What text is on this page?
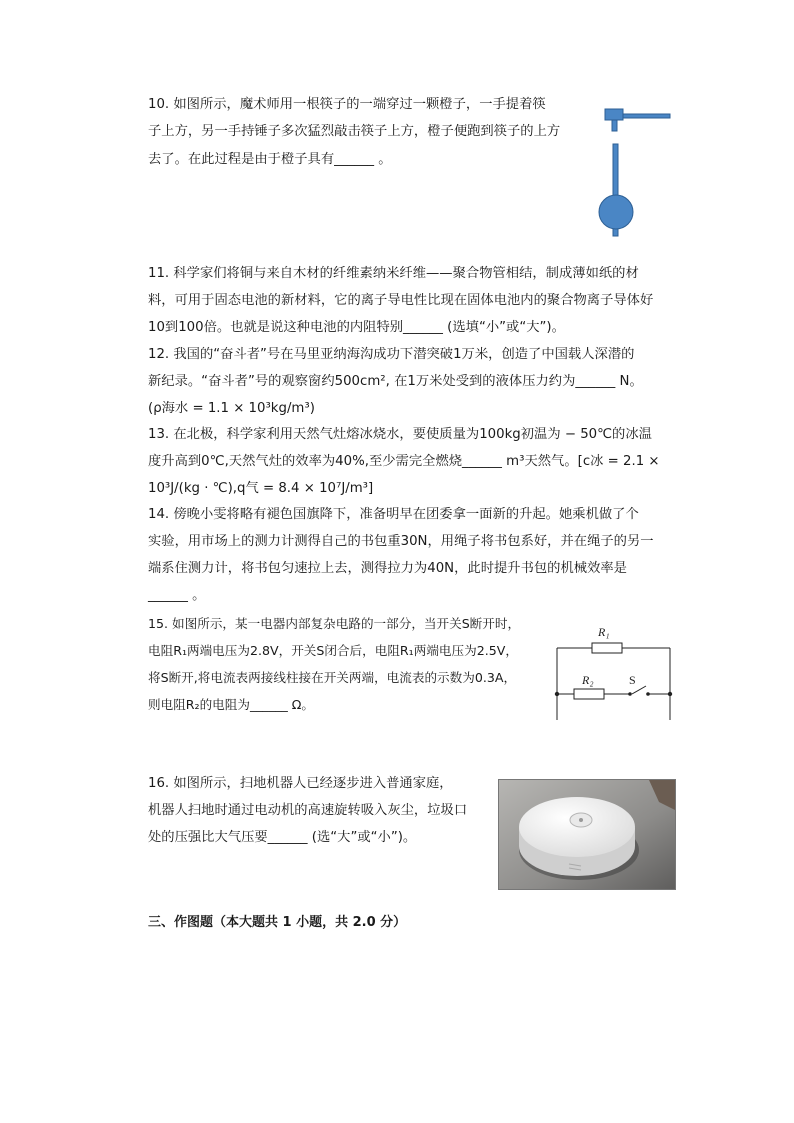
10. 如图所示，魔术师用一根筷子的一端穿过一颗橙子，一手提着筷
子上方，另一手持锤子多次猛烈敲击筷子上方，橙子便跑到筷子的上方
去了。在此过程是由于橙子具有______ 。
11. 科学家们将铜与来自木材的纤维素纳米纤维——聚合物管相结，制成薄如纸的材
料，可用于固态电池的新材料，它的离子导电性比现在固体电池内的聚合物离子导体好
10到100倍。也就是说这种电池的内阻特别______ (选填“小”或“大”)。
12. 我国的“奋斗者”号在马里亚纳海沟成功下潜突破1万米，创造了中国载人深潜的
新纪录。“奋斗者”号的观察窗约500cm², 在1万米处受到的液体压力约为______ N。
(ρ海水 = 1.1 × 10³kg/m³)
13. 在北极，科学家利用天然气灶熔冰烧水，要使质量为100kg初温为 − 50℃的冰温
度升高到0℃,天然气灶的效率为40%,至少需完全燃烧______ m³天然气。[c冰 = 2.1 ×
10³J/(kg · ℃),q气 = 8.4 × 10⁷J/m³]
14. 傍晚小雯将略有褪色国旗降下，准备明早在团委拿一面新的升起。她乘机做了个
实验，用市场上的测力计测得自己的书包重30N，用绳子将书包系好，并在绳子的另一
端系住测力计，将书包匀速拉上去，测得拉力为40N，此时提升书包的机械效率是
______ 。
15. 如图所示，某一电器内部复杂电路的一部分，当开关S断开时，
电阻R₁两端电压为2.8V，开关S闭合后，电阻R₁两端电压为2.5V，
将S断开,将电流表两接线柱接在开关两端，电流表的示数为0.3A，
则电阻R₂的电阻为______ Ω。
R₁
R₂	S
16. 如图所示，扫地机器人已经逐步进入普通家庭，
机器人扫地时通过电动机的高速旋转吸入灰尘，垃圾口
处的压强比大气压要______ (选“大”或“小”)。
三、作图题（本大题共 1 小题，共 2.0 分）
